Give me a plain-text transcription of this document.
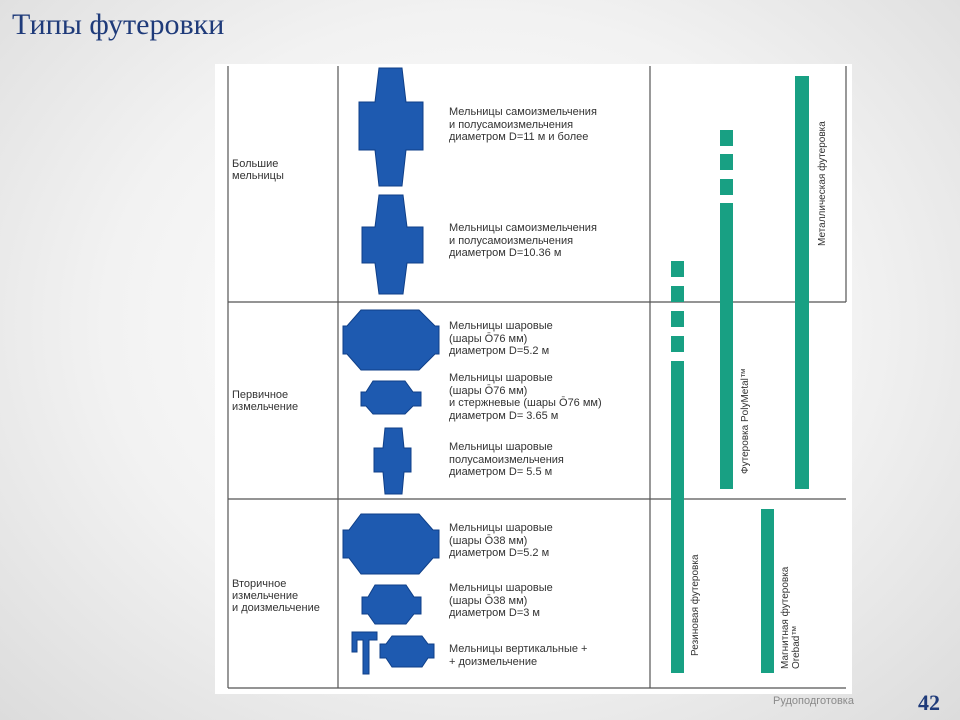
Типы футеровки
Большие
мельницы
Первичное
измельчение
Вторичное
измельчение
и доизмельчение
Мельницы самоизмельчения
и полусамоизмельчения
диаметром D=11 м и более
Мельницы самоизмельчения
и полусамоизмельчения
диаметром D=10.36 м
Мельницы шаровые
(шары Ō76 мм)
диаметром D=5.2 м
Мельницы шаровые
(шары Ō76 мм)
и стержневые (шары Ō76 мм)
диаметром D= 3.65 м
Мельницы шаровые
полусамоизмельчения
диаметром D= 5.5 м
Мельницы шаровые
(шары Ō38 мм)
диаметром D=5.2 м
Мельницы шаровые
(шары Ō38 мм)
диаметром D=3 м
Мельницы вертикальные +
+ доизмельчение
Металлическая футеровка
Футеровка PolyMetal™
Резиновая футеровка	Магнитная футеровка Orebad™
Рудоподготовка	42
